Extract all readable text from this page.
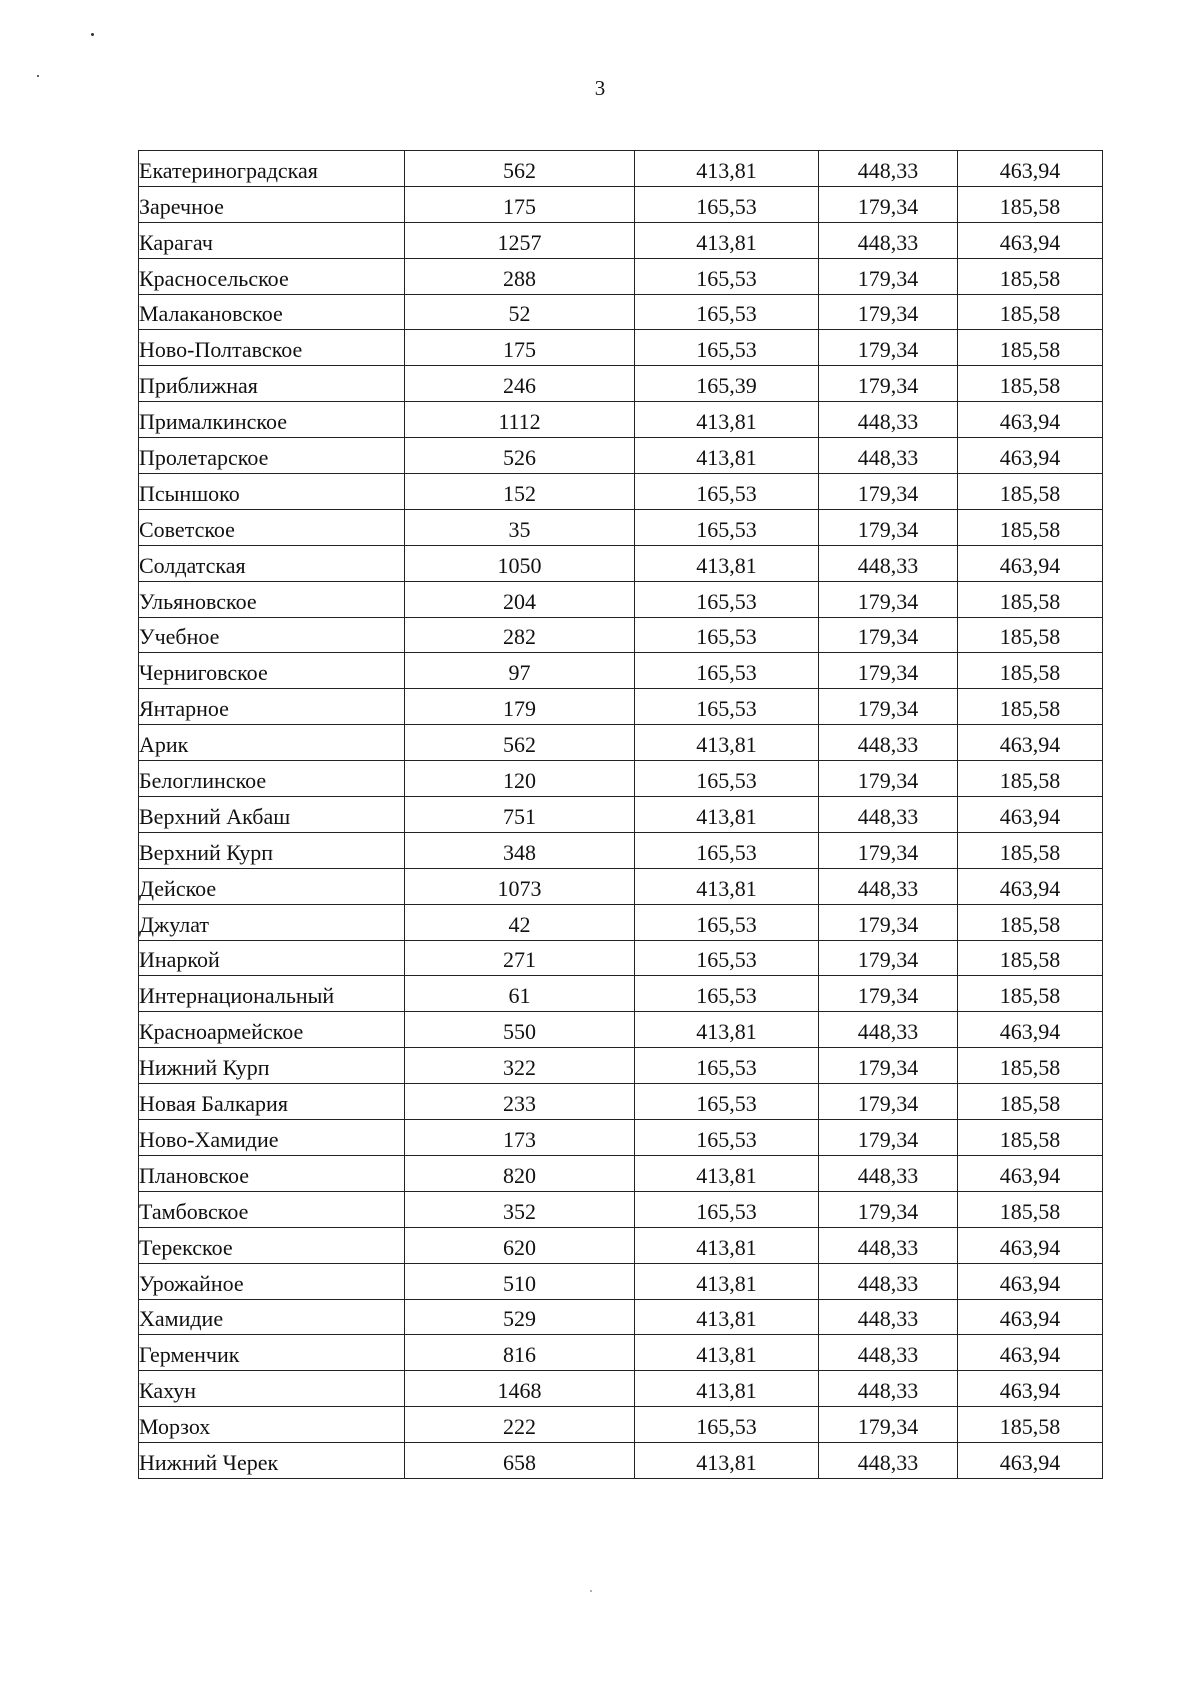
3
Екатериноградская	562	413,81	448,33	463,94
Заречное	175	165,53	179,34	185,58
Карагач	1257	413,81	448,33	463,94
Красносельское	288	165,53	179,34	185,58
Малакановское	52	165,53	179,34	185,58
Ново-Полтавское	175	165,53	179,34	185,58
Приближная	246	165,39	179,34	185,58
Прималкинское	1112	413,81	448,33	463,94
Пролетарское	526	413,81	448,33	463,94
Псыншоко	152	165,53	179,34	185,58
Советское	35	165,53	179,34	185,58
Солдатская	1050	413,81	448,33	463,94
Ульяновское	204	165,53	179,34	185,58
Учебное	282	165,53	179,34	185,58
Черниговское	97	165,53	179,34	185,58
Янтарное	179	165,53	179,34	185,58
Арик	562	413,81	448,33	463,94
Белоглинское	120	165,53	179,34	185,58
Верхний Акбаш	751	413,81	448,33	463,94
Верхний Курп	348	165,53	179,34	185,58
Дейское	1073	413,81	448,33	463,94
Джулат	42	165,53	179,34	185,58
Инаркой	271	165,53	179,34	185,58
Интернациональный	61	165,53	179,34	185,58
Красноармейское	550	413,81	448,33	463,94
Нижний Курп	322	165,53	179,34	185,58
Новая Балкария	233	165,53	179,34	185,58
Ново-Хамидие	173	165,53	179,34	185,58
Плановское	820	413,81	448,33	463,94
Тамбовское	352	165,53	179,34	185,58
Терекское	620	413,81	448,33	463,94
Урожайное	510	413,81	448,33	463,94
Хамидие	529	413,81	448,33	463,94
Герменчик	816	413,81	448,33	463,94
Кахун	1468	413,81	448,33	463,94
Морзох	222	165,53	179,34	185,58
Нижний Черек	658	413,81	448,33	463,94
